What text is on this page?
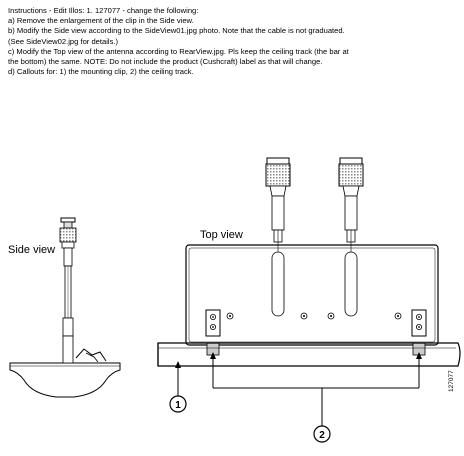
Instructions - Edit Illos: 1. 127077 - change the following:
a) Remove the enlargement of the clip in the Side view.
b) Modify the Side view according to the SideView01.jpg photo. Note that the cable is not graduated.
(See SideView02.jpg for details.)
c) Modify the Top view of the antenna according to RearView.jpg. Pls keep the ceiling track (the bar at
the bottom) the same. NOTE: Do not include the product (Cushcraft) label as that will change.
d) Callouts for: 1) the mounting clip, 2) the ceiling track.
Side view
Top view
1
2
127077
